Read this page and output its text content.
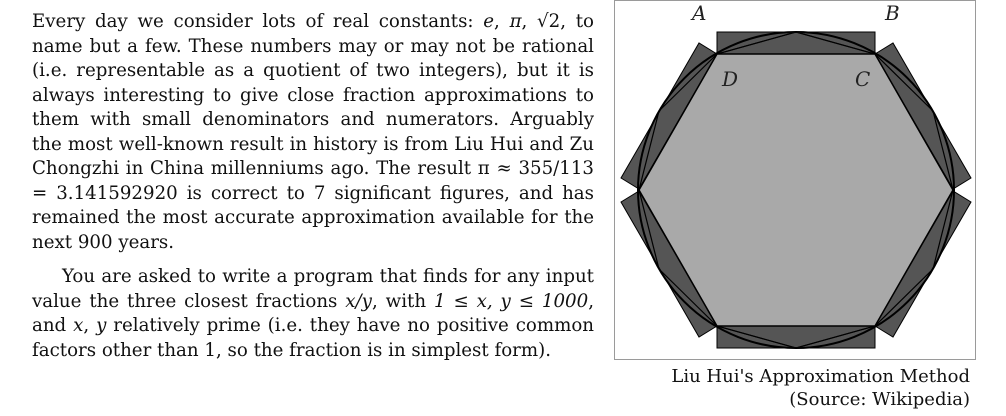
Every day we consider lots of real constants: e, π, √2, to name but a few. These numbers may or may not be rational (i.e. representable as a quotient of two integers), but it is always interesting to give close fraction approximations to them with small denominators and numerators. Arguably the most well-known result in history is from Liu Hui and Zu Chongzhi in China millenniums ago. The result π ≈ 355/113 = 3.141592920 is correct to 7 significant figures, and has remained the most accurate approximation available for the next 900 years.

You are asked to write a program that finds for any input value the three closest fractions x/y, with 1 ≤ x, y ≤ 1000, and x, y relatively prime (i.e. they have no positive common factors other than 1, so the fraction is in simplest form).

A	B
D	C
Liu Hui's Approximation Method
(Source: Wikipedia)
